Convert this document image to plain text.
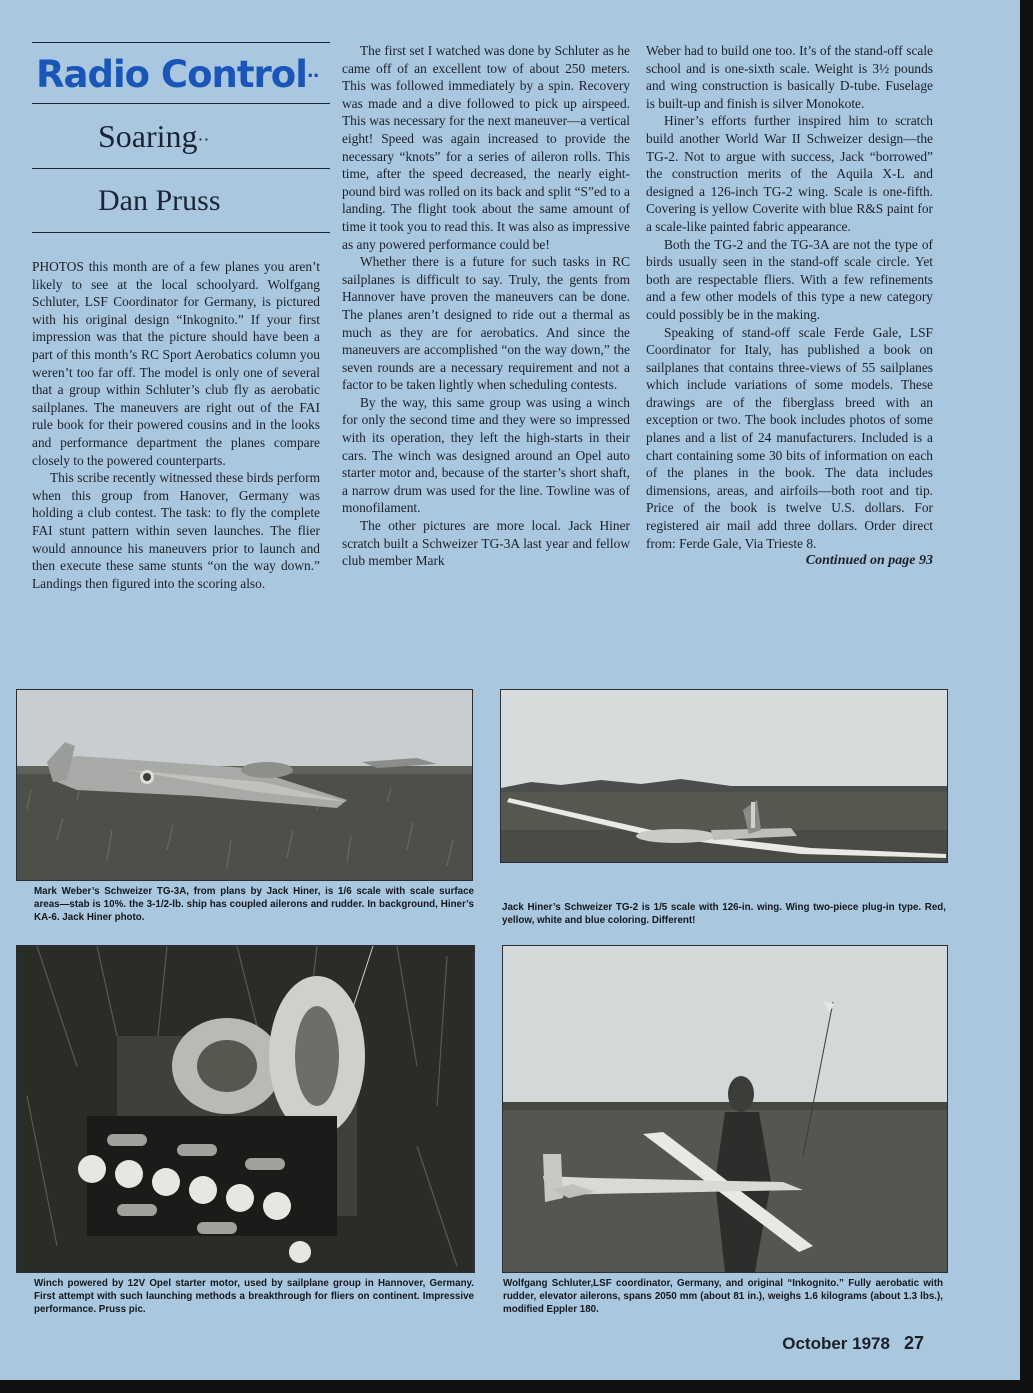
Radio Control··
Soaring··
Dan Pruss

PHOTOS this month are of a few planes you aren’t likely to see at the local schoolyard. Wolfgang Schluter, LSF Coordinator for Germany, is pictured with his original design “Inkognito.” If your first impression was that the picture should have been a part of this month’s RC Sport Aerobatics column you weren’t too far off. The model is only one of several that a group within Schluter’s club fly as aerobatic sailplanes. The maneuvers are right out of the FAI rule book for their powered cousins and in the looks and performance department the planes compare closely to the powered counterparts.

This scribe recently witnessed these birds perform when this group from Hanover, Germany was holding a club contest. The task: to fly the complete FAI stunt pattern within seven launches. The flier would announce his maneuvers prior to launch and then execute these same stunts “on the way down.” Landings then figured into the scoring also.

The first set I watched was done by Schluter as he came off of an excellent tow of about 250 meters. This was followed immediately by a spin. Recovery was made and a dive followed to pick up airspeed. This was necessary for the next maneuver—a vertical eight! Speed was again increased to provide the necessary “knots” for a series of aileron rolls. This time, after the speed decreased, the nearly eight-pound bird was rolled on its back and split “S”ed to a landing. The flight took about the same amount of time it took you to read this. It was also as impressive as any powered performance could be!

Whether there is a future for such tasks in RC sailplanes is difficult to say. Truly, the gents from Hannover have proven the maneuvers can be done. The planes aren’t designed to ride out a thermal as much as they are for aerobatics. And since the maneuvers are accomplished “on the way down,” the seven rounds are a necessary requirement and not a factor to be taken lightly when scheduling contests.

By the way, this same group was using a winch for only the second time and they were so impressed with its operation, they left the high-starts in their cars. The winch was designed around an Opel auto starter motor and, because of the starter’s short shaft, a narrow drum was used for the line. Towline was of monofilament.

The other pictures are more local. Jack Hiner scratch built a Schweizer TG-3A last year and fellow club member Mark

Weber had to build one too. It’s of the stand-off scale school and is one-sixth scale. Weight is 3½ pounds and wing construction is basically D-tube. Fuselage is built-up and finish is silver Monokote.

Hiner’s efforts further inspired him to scratch build another World War II Schweizer design—the TG-2. Not to argue with success, Jack “borrowed” the construction merits of the Aquila X-L and designed a 126-inch TG-2 wing. Scale is one-fifth. Covering is yellow Coverite with blue R&S paint for a scale-like painted fabric appearance.

Both the TG-2 and the TG-3A are not the type of birds usually seen in the stand-off scale circle. Yet both are respectable fliers. With a few refinements and a few other models of this type a new category could possibly be in the making.

Speaking of stand-off scale Ferde Gale, LSF Coordinator for Italy, has published a book on sailplanes that contains three-views of 55 sailplanes which include variations of some models. These drawings are of the fiberglass breed with an exception or two. The book includes photos of some planes and a list of 24 manufacturers. Included is a chart containing some 30 bits of information on each of the planes in the book. The data includes dimensions, areas, and airfoils—both root and tip. Price of the book is twelve U.S. dollars. For registered air mail add three dollars. Order direct from: Ferde Gale, Via Trieste 8.

Continued on page 93
Mark Weber’s Schweizer TG-3A, from plans by Jack Hiner, is 1/6 scale with scale surface areas—stab is 10%. the 3-1/2-lb. ship has coupled ailerons and rudder. In background, Hiner’s KA-6. Jack Hiner photo.
Jack Hiner’s Schweizer TG-2 is 1/5 scale with 126-in. wing. Wing two-piece plug-in type. Red, yellow, white and blue coloring. Different!
Winch powered by 12V Opel starter motor, used by sailplane group in Hannover, Germany. First attempt with such launching methods a breakthrough for fliers on continent. Impressive performance. Pruss pic.
Wolfgang Schluter,LSF coordinator, Germany, and original “Inkognito.” Fully aerobatic with rudder, elevator ailerons, spans 2050 mm (about 81 in.), weighs 1.6 kilograms (about 1.3 lbs.), modified Eppler 180.
October 1978 27
